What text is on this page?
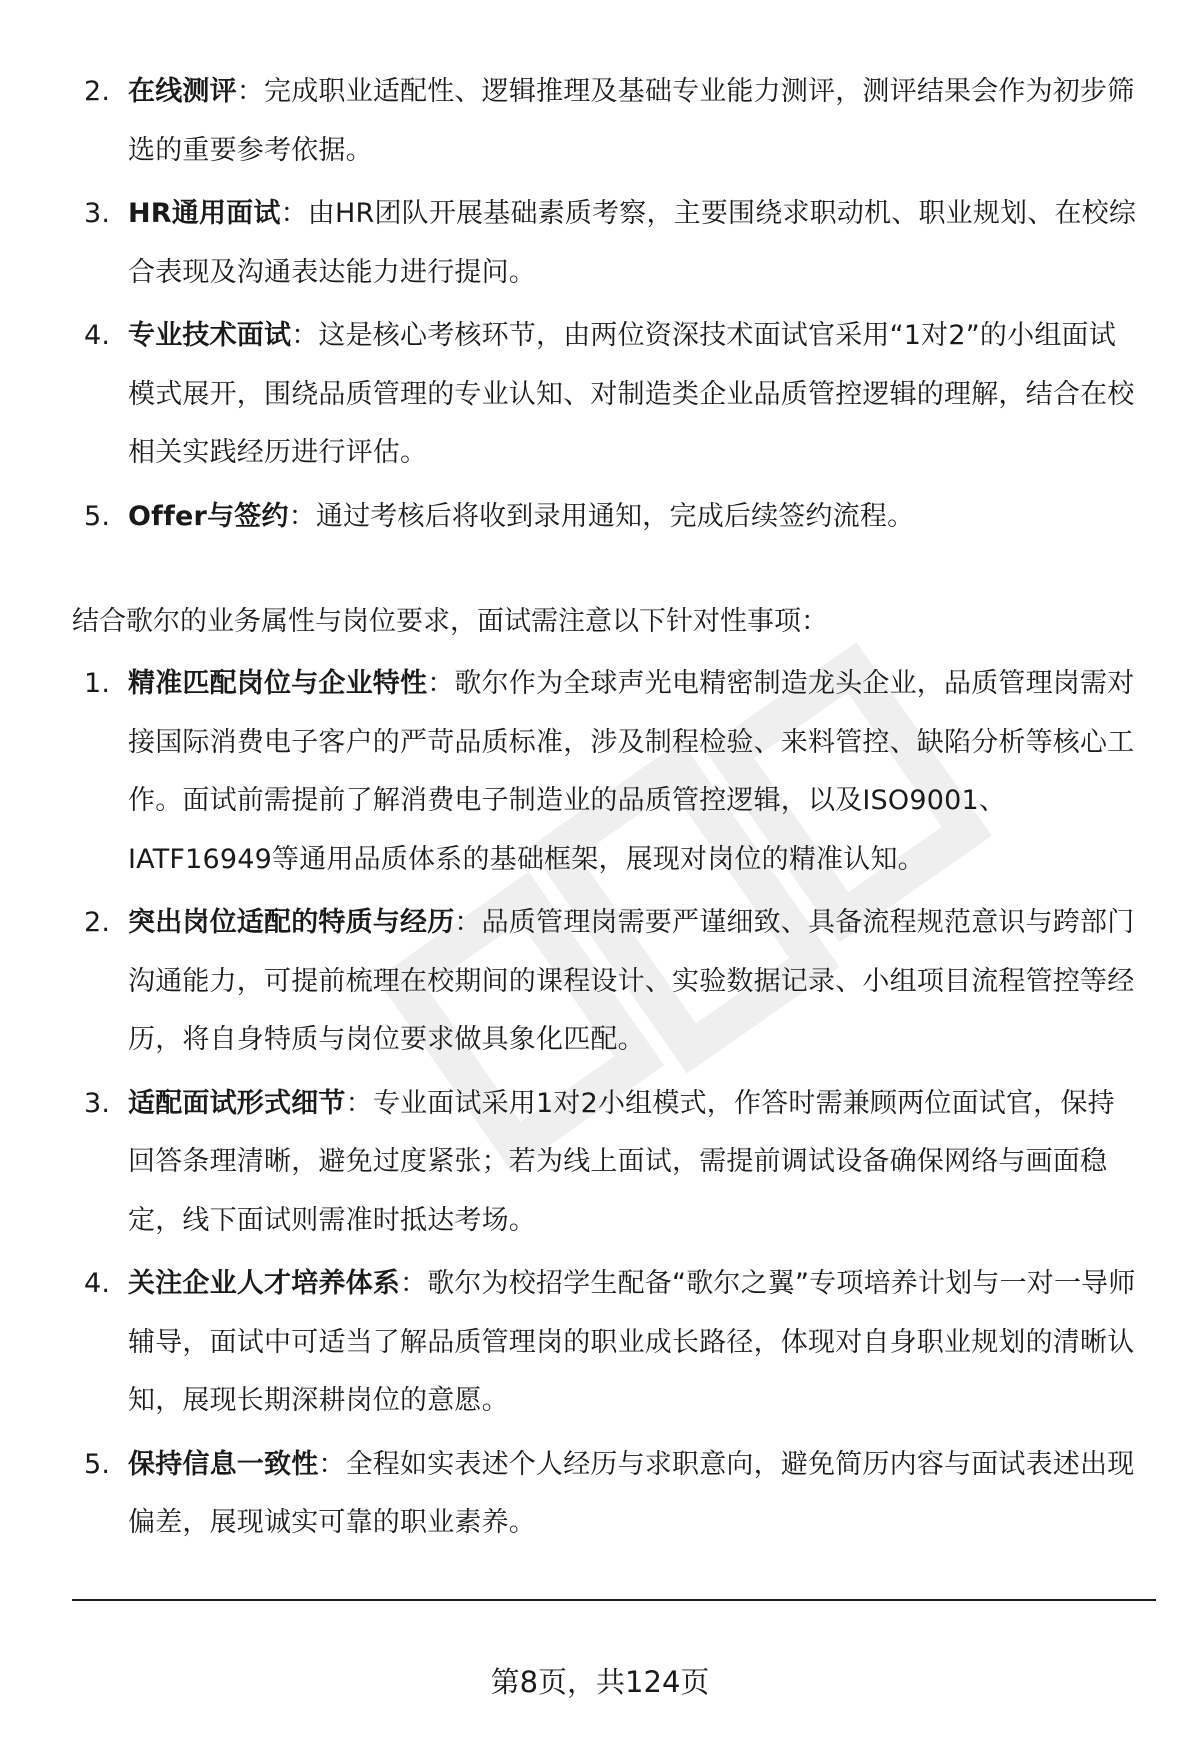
2. 在线测评：完成职业适配性、逻辑推理及基础专业能力测评，测评结果会作为初步筛选的重要参考依据。
3. HR通用面试：由HR团队开展基础素质考察，主要围绕求职动机、职业规划、在校综合表现及沟通表达能力进行提问。
4. 专业技术面试：这是核心考核环节，由两位资深技术面试官采用“1对2”的小组面试模式展开，围绕品质管理的专业认知、对制造类企业品质管控逻辑的理解，结合在校相关实践经历进行评估。
5. Offer与签约：通过考核后将收到录用通知，完成后续签约流程。

结合歌尔的业务属性与岗位要求，面试需注意以下针对性事项：

1. 精准匹配岗位与企业特性：歌尔作为全球声光电精密制造龙头企业，品质管理岗需对接国际消费电子客户的严苛品质标准，涉及制程检验、来料管控、缺陷分析等核心工作。面试前需提前了解消费电子制造业的品质管控逻辑，以及ISO9001、IATF16949等通用品质体系的基础框架，展现对岗位的精准认知。
2. 突出岗位适配的特质与经历：品质管理岗需要严谨细致、具备流程规范意识与跨部门沟通能力，可提前梳理在校期间的课程设计、实验数据记录、小组项目流程管控等经历，将自身特质与岗位要求做具象化匹配。
3. 适配面试形式细节：专业面试采用1对2小组模式，作答时需兼顾两位面试官，保持回答条理清晰，避免过度紧张；若为线上面试，需提前调试设备确保网络与画面稳定，线下面试则需准时抵达考场。
4. 关注企业人才培养体系：歌尔为校招学生配备“歌尔之翼”专项培养计划与一对一导师辅导，面试中可适当了解品质管理岗的职业成长路径，体现对自身职业规划的清晰认知，展现长期深耕岗位的意愿。
5. 保持信息一致性：全程如实表述个人经历与求职意向，避免简历内容与面试表述出现偏差，展现诚实可靠的职业素养。
第8页，共124页
